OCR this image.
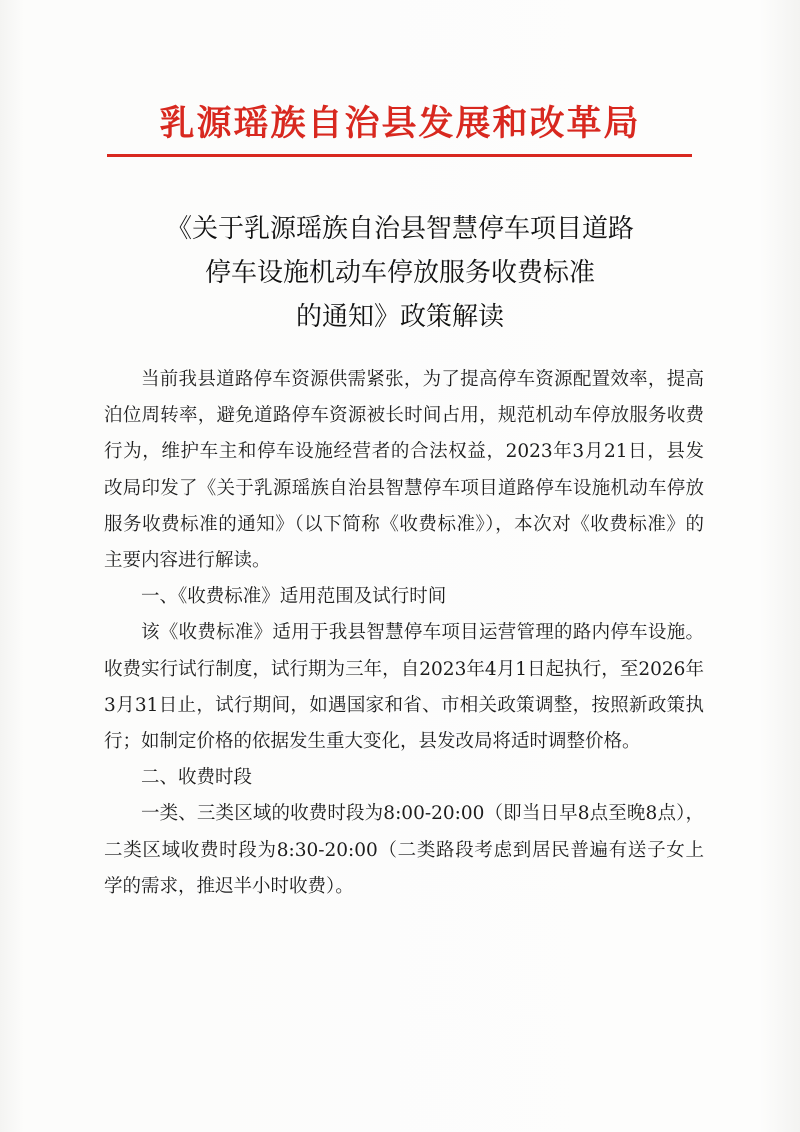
乳源瑶族自治县发展和改革局
《关于乳源瑶族自治县智慧停车项目道路
停车设施机动车停放服务收费标准
的通知》政策解读

当前我县道路停车资源供需紧张，为了提高停车资源配置效率，提高泊位周转率，避免道路停车资源被长时间占用，规范机动车停放服务收费行为，维护车主和停车设施经营者的合法权益，2023年3月21日，县发改局印发了《关于乳源瑶族自治县智慧停车项目道路停车设施机动车停放服务收费标准的通知》（以下简称《收费标准》），本次对《收费标准》的主要内容进行解读。

一、《收费标准》适用范围及试行时间

该《收费标准》适用于我县智慧停车项目运营管理的路内停车设施。收费实行试行制度，试行期为三年，自2023年4月1日起执行，至2026年3月31日止，试行期间，如遇国家和省、市相关政策调整，按照新政策执行；如制定价格的依据发生重大变化，县发改局将适时调整价格。

二、收费时段

一类、三类区域的收费时段为8:00-20:00（即当日早8点至晚8点），二类区域收费时段为8:30-20:00（二类路段考虑到居民普遍有送子女上学的需求，推迟半小时收费）。
